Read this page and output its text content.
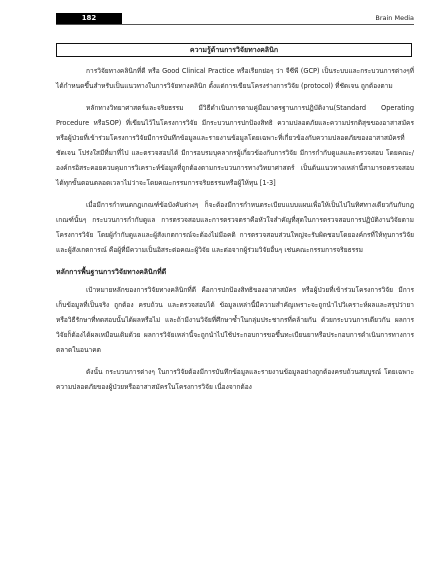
182	Brain Media
ความรู้ด้านการวิจัยทางคลินิก

การวิจัยทางคลินิกที่ดี หรือ Good Clinical Practice หรือเรียกย่อๆ ว่า จีซีพี (GCP) เป็นระบบและกระบวนการต่างๆที่ได้กำหนดขึ้นสำหรับเป็นแนวทางในการวิจัยทางคลินิก ตั้งแต่การเขียนโครงร่างการวิจัย (protocol) ที่ชัดเจน ถูกต้องตาม

หลักทางวิทยาศาสตร์และจริยธรรม มีวิธีดำเนินการตามคู่มือมาตรฐานการปฏิบัติงาน(Standard Operating Procedure หรือSOP) ที่เขียนไว้ในโครงการวิจัย มีกระบวนการปกป้องสิทธิ ความปลอดภัยและความปรกติสุขของอาสาสมัครหรือผู้ป่วยที่เข้าร่วมโครงการวิจัยมีการบันทึกข้อมูลและรายงานข้อมูลโดยเฉพาะที่เกี่ยวข้องกับความปลอดภัยของอาสาสมัครที่ชัดเจน โปร่งใสมีที่มาที่ไป และตรวจสอบได้ มีการอบรมบุคลากรผู้เกี่ยวข้องกับการวิจัย มีการกำกับดูแลและตรวจสอบ โดยคณะ/องค์กรอิสระคอยควบคุมการวิเคราะห์ข้อมูลที่ถูกต้องตามกระบวนการทางวิทยาศาสตร์ เป็นต้นแนวทางเหล่านี้สามารถตรวจสอบได้ทุกขั้นตอนตลอดเวลาไม่ว่าจะโดยคณะกรรมการจริยธรรมหรือผู้ให้ทุน [1-3]

เมื่อมีการกำหนดกฎเกณฑ์ข้อบังคับต่างๆ ก็จะต้องมีการกำหนดระเบียบแบบแผนเพื่อให้เป็นไปในทิศทางเดียวกันกับกฎเกณฑ์นั้นๆ กระบวนการกำกับดูแล การตรวจสอบและการตรวจตราคือหัวใจสำคัญที่สุดในการตรวจสอบการปฏิบัติงานวิจัยตามโครงการวิจัย โดยผู้กำกับดูแลและผู้สังเกตการณ์จะต้องไม่มีอคติ การตรวจสอบส่วนใหญ่จะรับผิดชอบโดยองค์กรที่ให้ทุนการวิจัยและผู้สังเกตการณ์ คือผู้ที่มีความเป็นอิสระต่อคณะผู้วิจัย และต่อจากผู้ร่วมวิจัยอื่นๆ เช่นคณะกรรมการจริยธรรม

หลักการพื้นฐานการวิจัยทางคลินิกที่ดี

เป้าหมายหลักของการวิจัยทางคลินิกที่ดี คือการปกป้องสิทธิของอาสาสมัคร หรือผู้ป่วยที่เข้าร่วมโครงการวิจัย มีการเก็บข้อมูลที่เป็นจริง ถูกต้อง ครบถ้วน และตรวจสอบได้ ข้อมูลเหล่านี้มีความสำคัญเพราะจะถูกนำไปวิเคราะห์ผลและสรุปว่ายาหรือวิธีรักษาที่ทดสอบนั้นได้ผลหรือไม่ และถ้ามีงานวิจัยที่ศึกษาซ้ำในกลุ่มประชากรที่คล้ายกัน ด้วยกระบวนการเดียวกัน ผลการวิจัยก็ต้องได้ผลเหมือนเดิมด้วย ผลการวิจัยเหล่านี้จะถูกนำไปใช้ประกอบการขอขึ้นทะเบียนยาหรือประกอบการดำเนินการทางการตลาดในอนาคต

ดังนั้น กระบวนการต่างๆ ในการวิจัยต้องมีการบันทึกข้อมูลและรายงานข้อมูลอย่างถูกต้องครบถ้วนสมบูรณ์ โดยเฉพาะความปลอดภัยของผู้ป่วยหรืออาสาสมัครในโครงการวิจัย เนื่องจากต้อง
